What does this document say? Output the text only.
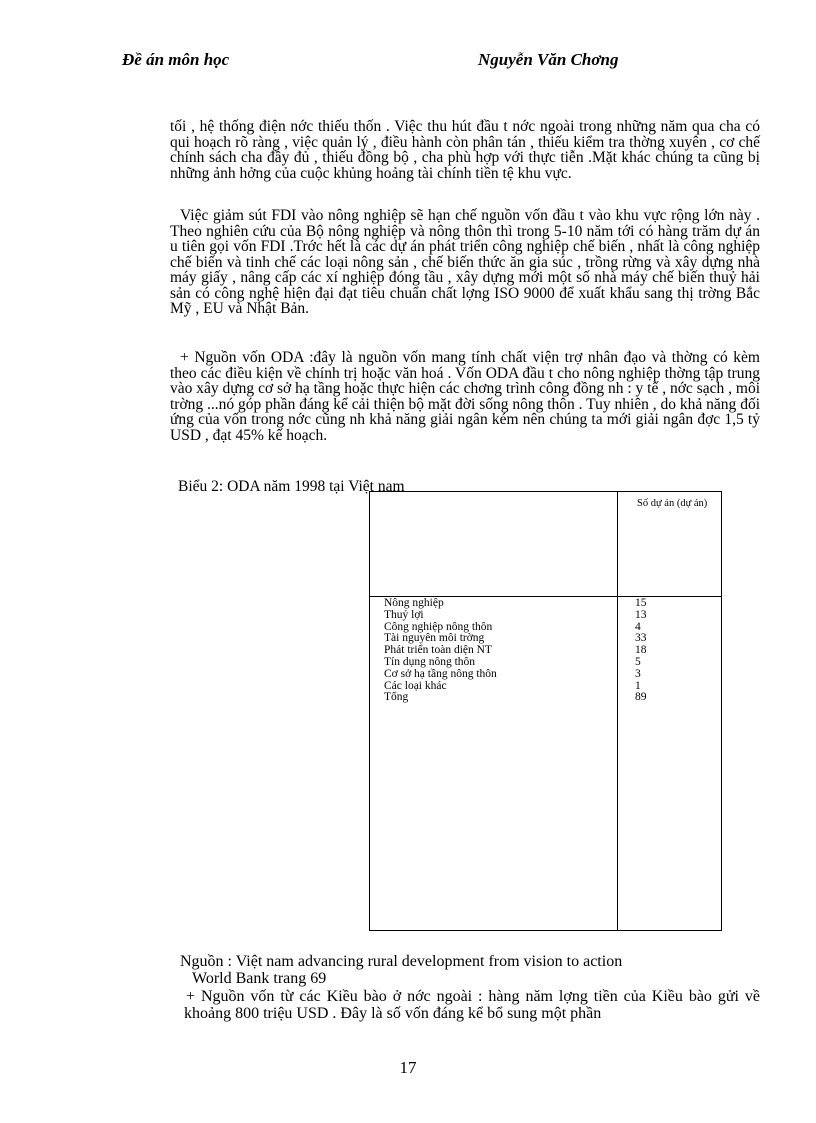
Đề án môn học	Nguyễn Văn Chơng

tối , hệ thống điện nớc thiếu thốn . Việc thu hút đầu t nớc ngoài trong những năm qua cha có qui hoạch rõ ràng , việc quản lý , điều hành còn phân tán , thiếu kiểm tra thờng xuyên , cơ chế chính sách cha đầy đủ , thiếu đồng bộ , cha phù hợp với thực tiễn .Mặt khác chúng ta cũng bị những ảnh hởng của cuộc khủng hoảng tài chính tiền tệ khu vực.

Việc giảm sút FDI vào nông nghiệp sẽ hạn chế nguồn vốn đầu t vào khu vực rộng lớn này . Theo nghiên cứu của Bộ nông nghiệp và nông thôn thì trong 5-10 năm tới có hàng trăm dự án u tiên gọi vốn FDI .Trớc hết là các dự án phát triển công nghiệp chế biến , nhất là công nghiệp chế biến và tinh chế các loại nông sản , chế biến thức ăn gia súc , trồng rừng và xây dựng nhà máy giấy , nâng cấp các xí nghiệp đóng tầu , xây dựng mới một số nhà máy chế biến thuỷ hải sản có công nghệ hiện đại đạt tiêu chuẩn chất lợng ISO 9000 để xuất khẩu sang thị trờng Bắc Mỹ , EU và Nhật Bản.

+ Nguồn vốn ODA :đây là nguồn vốn mang tính chất viện trợ nhân đạo và thờng có kèm theo các điều kiện về chính trị hoặc văn hoá . Vốn ODA đầu t cho nông nghiệp thờng tập trung vào xây dựng cơ sở hạ tầng hoặc thực hiện các chơng trình công đồng nh : y tế , nớc sạch , môi trờng ...nó góp phần đáng kể cải thiện bộ mặt đời sống nông thôn . Tuy nhiên , do khả năng đối ứng của vốn trong nớc cũng nh khả năng giải ngân kém nên chúng ta mới giải ngân đợc 1,5 tỷ USD , đạt 45% kế hoạch.

Biểu 2: ODA năm 1998 tại Việt nam
Số dự án (dự án)
Nông nghiệp
Thuỷ lợi
Công nghiệp nông thôn
Tài nguyên môi trờng
Phát triển toàn diện NT
Tín dụng nông thôn
Cơ sở hạ tầng nông thôn
Các loại khác
Tổng
15
13
4
33
18
5
3
1
89
Nguồn : Việt nam advancing rural development from vision to action
World Bank trang 69

+ Nguồn vốn từ các Kiều bào ở nớc ngoài : hàng năm lợng tiền của Kiều bào gửi về khoảng 800 triệu USD . Đây là số vốn đáng kể bổ sung một phần

17
